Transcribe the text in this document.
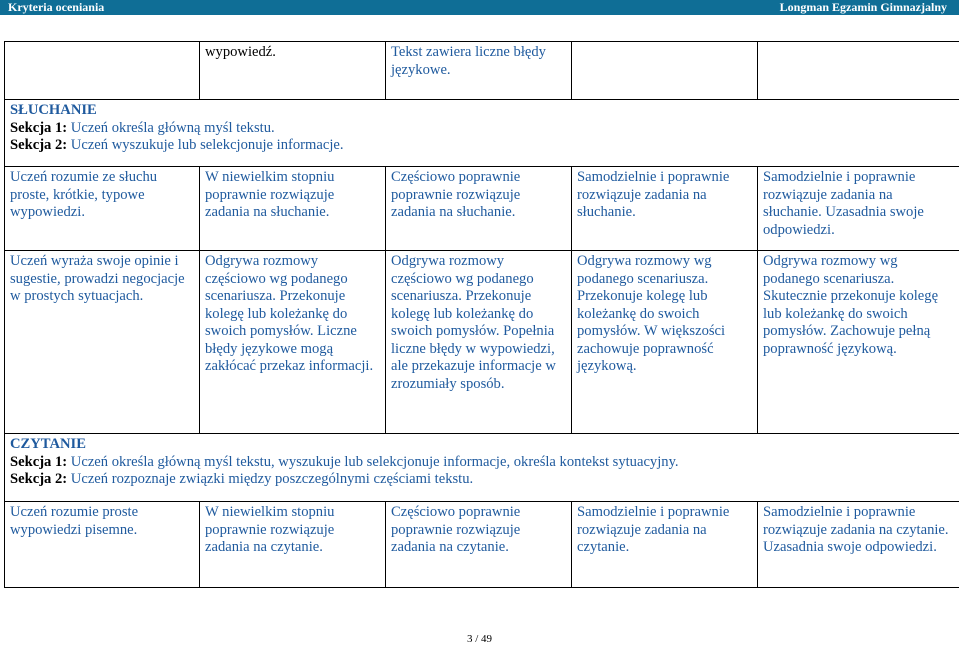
Kryteria oceniania	Longman Egzamin Gimnazjalny
	wypowiedź.	Tekst zawiera liczne błędy językowe.		

SŁUCHANIE
Sekcja 1: Uczeń określa główną myśl tekstu.
Sekcja 2: Uczeń wyszukuje lub selekcjonuje informacje.				

Uczeń rozumie ze słuchu proste, krótkie, typowe wypowiedzi.	W niewielkim stopniu poprawnie rozwiązuje zadania na słuchanie.	Częściowo poprawnie poprawnie rozwiązuje zadania na słuchanie.	Samodzielnie i poprawnie rozwiązuje zadania na słuchanie.	Samodzielnie i poprawnie rozwiązuje zadania na słuchanie. Uzasadnia swoje odpowiedzi.
Uczeń wyraża swoje opinie i sugestie, prowadzi negocjacje w prostych sytuacjach.	Odgrywa rozmowy częściowo wg podanego scenariusza. Przekonuje kolegę lub koleżankę do swoich pomysłów. Liczne błędy językowe mogą zakłócać przekaz informacji.	Odgrywa rozmowy częściowo wg podanego scenariusza. Przekonuje kolegę lub koleżankę do swoich pomysłów. Popełnia liczne błędy w wypowiedzi, ale przekazuje informacje w zrozumiały sposób.	Odgrywa rozmowy wg podanego scenariusza. Przekonuje kolegę lub koleżankę do swoich pomysłów. W większości zachowuje poprawność językową.	Odgrywa rozmowy wg podanego scenariusza. Skutecznie przekonuje kolegę lub koleżankę do swoich pomysłów. Zachowuje pełną poprawność językową.

CZYTANIE
Sekcja 1: Uczeń określa główną myśl tekstu, wyszukuje lub selekcjonuje informacje, określa kontekst sytuacyjny.
Sekcja 2: Uczeń rozpoznaje związki między poszczególnymi częściami tekstu.				

Uczeń rozumie proste wypowiedzi pisemne.	W niewielkim stopniu poprawnie rozwiązuje zadania na czytanie.	Częściowo poprawnie poprawnie rozwiązuje zadania na czytanie.	Samodzielnie i poprawnie rozwiązuje zadania na czytanie.	Samodzielnie i poprawnie rozwiązuje zadania na czytanie. Uzasadnia swoje odpowiedzi.
3 / 49
